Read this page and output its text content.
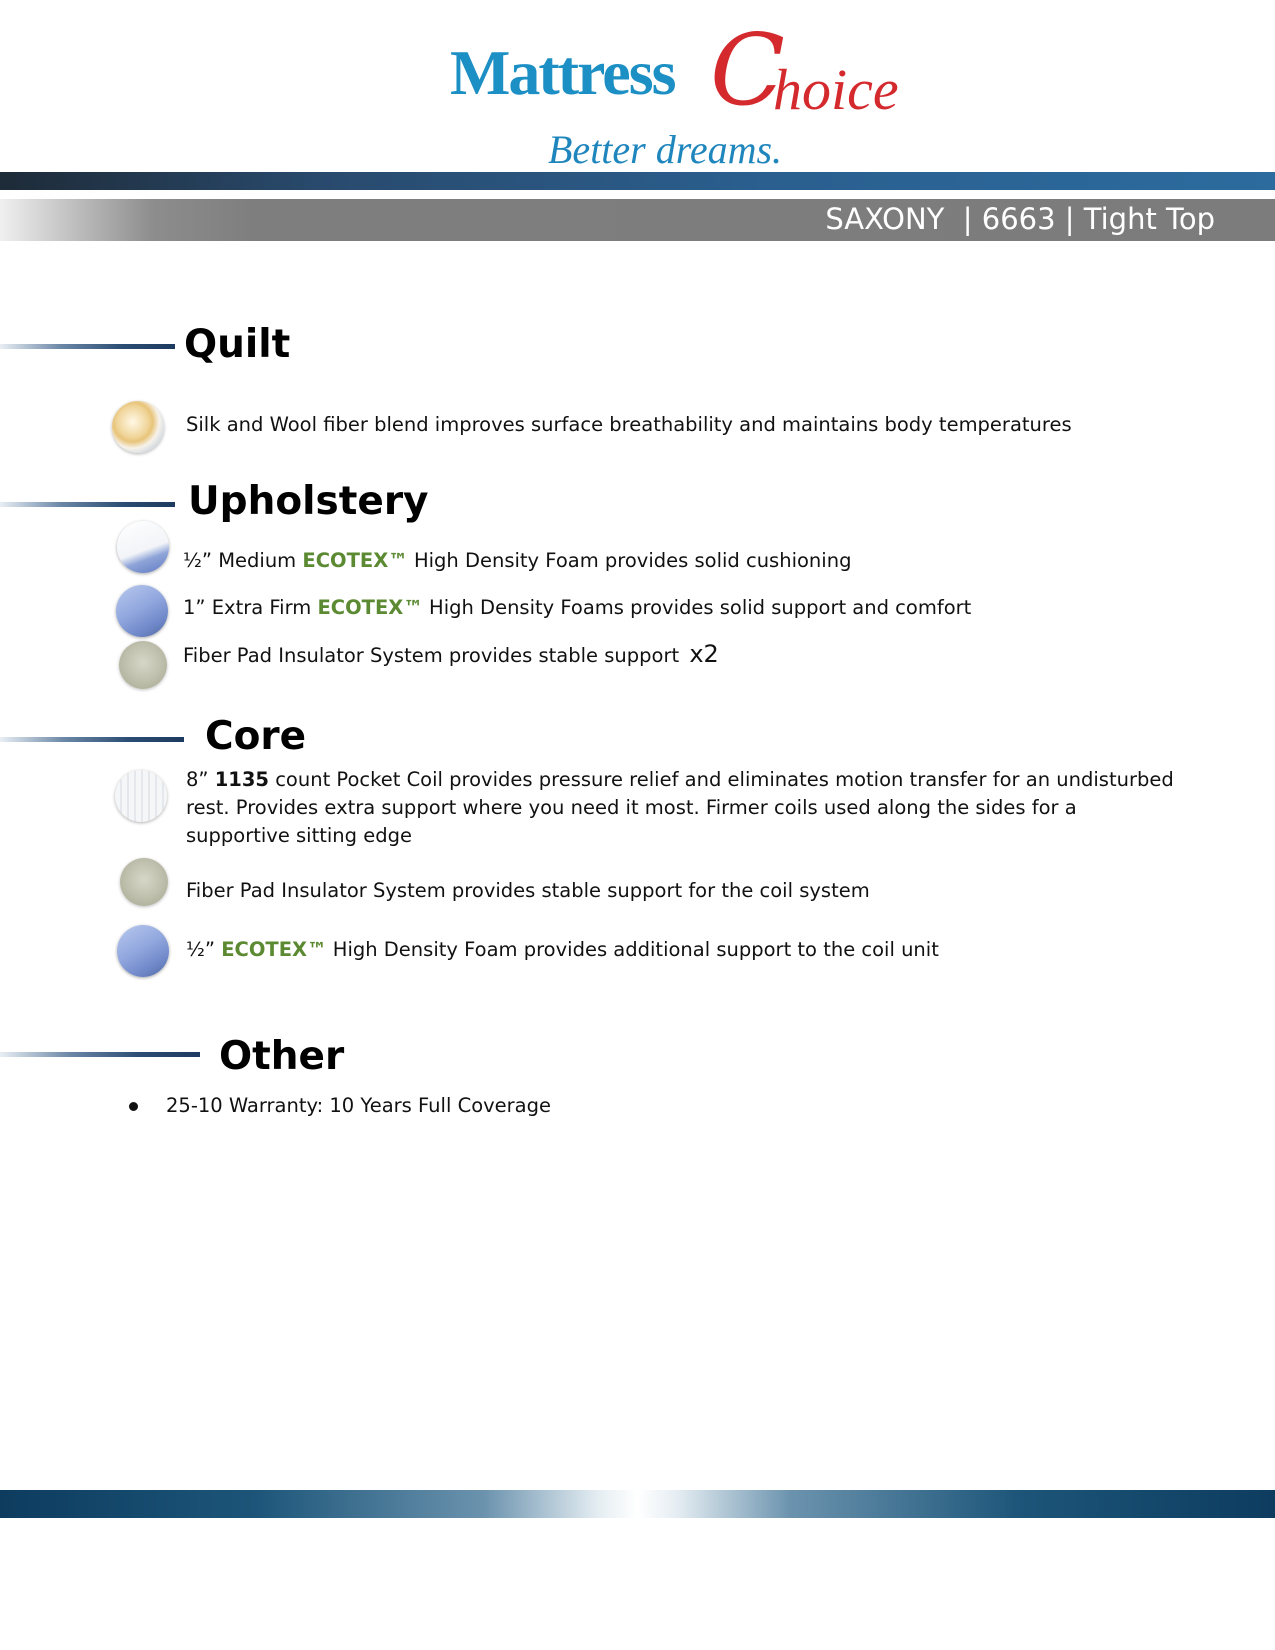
Mattress C
hoice
Better dreams.
SAXONY  | 6663 | Tight Top
Quilt
Silk and Wool fiber blend improves surface breathability and maintains body temperatures
Upholstery
½” Medium ECOTEX™ High Density Foam provides solid cushioning
1” Extra Firm ECOTEX™ High Density Foams provides solid support and comfort
Fiber Pad Insulator System provides stable support x2
Core
8” 1135 count Pocket Coil provides pressure relief and eliminates motion transfer for an undisturbed rest. Provides extra support where you need it most. Firmer coils used along the sides for a supportive sitting edge
Fiber Pad Insulator System provides stable support for the coil system
½” ECOTEX™ High Density Foam provides additional support to the coil unit
Other
25-10 Warranty: 10 Years Full Coverage
